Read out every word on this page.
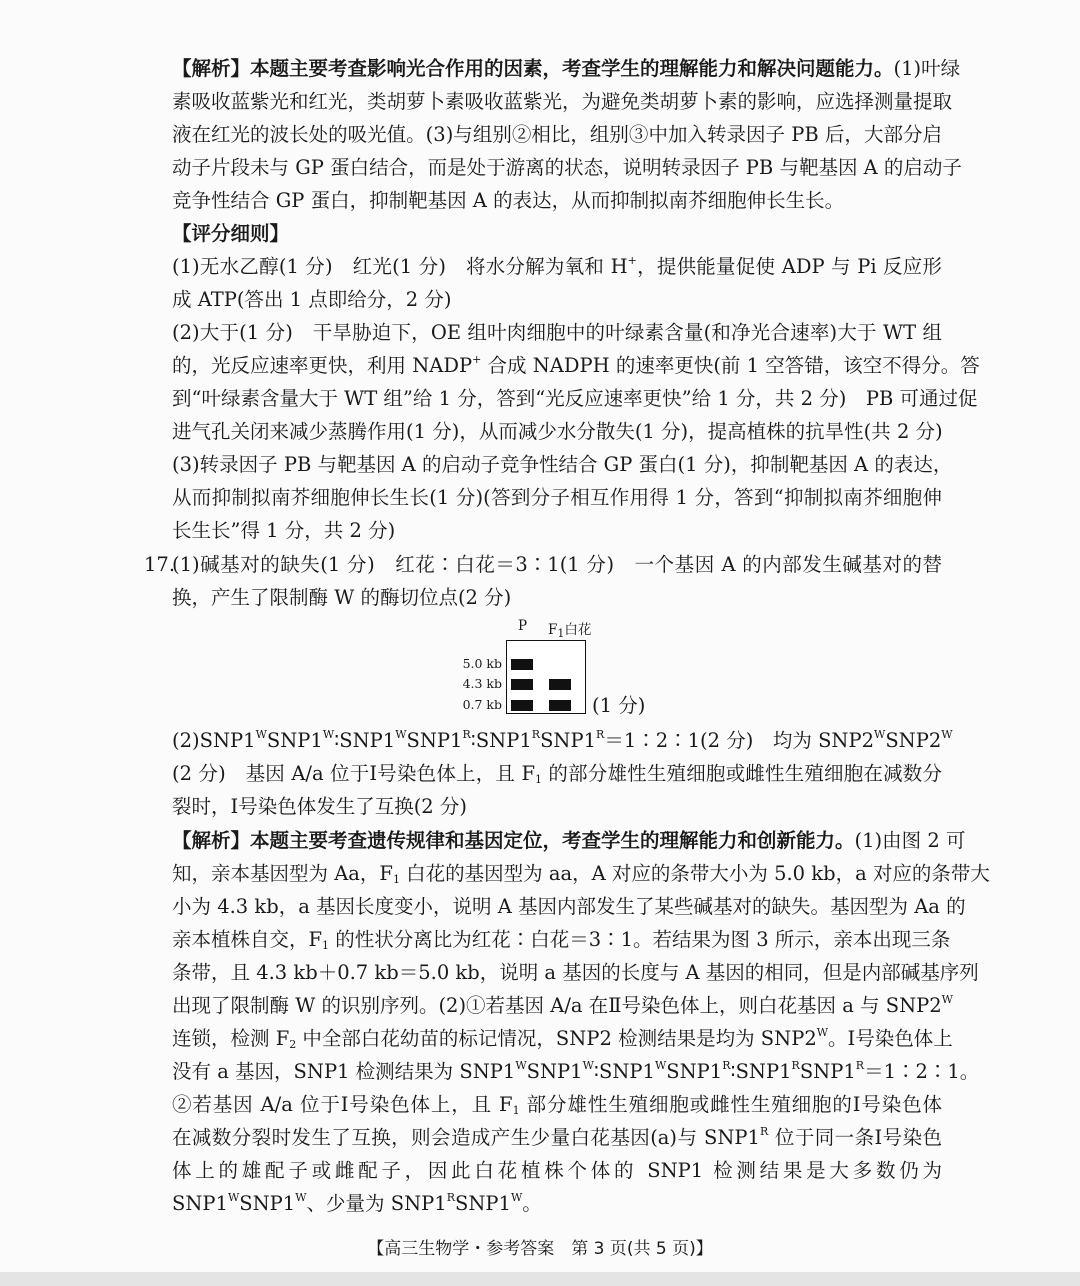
【解析】本题主要考查影响光合作用的因素，考查学生的理解能力和解决问题能力。(1)叶绿
素吸收蓝紫光和红光，类胡萝卜素吸收蓝紫光，为避免类胡萝卜素的影响，应选择测量提取
液在红光的波长处的吸光值。(3)与组别②相比，组别③中加入转录因子 PB 后，大部分启
动子片段未与 GP 蛋白结合，而是处于游离的状态，说明转录因子 PB 与靶基因 A 的启动子
竞争性结合 GP 蛋白，抑制靶基因 A 的表达，从而抑制拟南芥细胞伸长生长。
【评分细则】
(1)无水乙醇(1 分)　红光(1 分)　将水分解为氧和 H+，提供能量促使 ADP 与 Pi 反应形
成 ATP(答出 1 点即给分，2 分)
(2)大于(1 分)　干旱胁迫下，OE 组叶肉细胞中的叶绿素含量(和净光合速率)大于 WT 组
的，光反应速率更快，利用 NADP+ 合成 NADPH 的速率更快(前 1 空答错，该空不得分。答
到“叶绿素含量大于 WT 组”给 1 分，答到“光反应速率更快”给 1 分，共 2 分)　PB 可通过促
进气孔关闭来减少蒸腾作用(1 分)，从而减少水分散失(1 分)，提高植株的抗旱性(共 2 分)
(3)转录因子 PB 与靶基因 A 的启动子竞争性结合 GP 蛋白(1 分)，抑制靶基因 A 的表达，
从而抑制拟南芥细胞伸长生长(1 分)(答到分子相互作用得 1 分，答到“抑制拟南芥细胞伸
长生长”得 1 分，共 2 分)
17.
(1)碱基对的缺失(1 分)　红花∶白花＝3∶1(1 分)　一个基因 A 的内部发生碱基对的替
换，产生了限制酶 W 的酶切位点(2 分)
P $F_1$白花
5.0 kb
4.3 kb
0.7 kb	(1 分)
$(2)SNP1^WSNP1^W∶SNP1^WSNP1^R∶SNP1^RSNP1^R=1∶2∶1(2$ 分)　均为 $SNP2^WSNP2^W$
(2 分)　基因 A/a 位于Ⅰ号染色体上，且 $F_1$ 的部分雄性生殖细胞或雌性生殖细胞在减数分
裂时，Ⅰ号染色体发生了互换(2 分)
【解析】本题主要考查遗传规律和基因定位，考查学生的理解能力和创新能力。(1)由图 2 可
知，亲本基因型为 Aa，$F_1$ 白花的基因型为 aa，A 对应的条带大小为 5.0 kb，a 对应的条带大
小为 4.3 kb，a 基因长度变小，说明 A 基因内部发生了某些碱基对的缺失。基因型为 Aa 的
亲本植株自交，$F_1$ 的性状分离比为红花∶白花＝3∶1。若结果为图 3 所示，亲本出现三条
条带，且 4.3 kb＋0.7 kb＝5.0 kb，说明 a 基因的长度与 A 基因的相同，但是内部碱基序列
出现了限制酶 W 的识别序列。(2)①若基因 A/a 在Ⅱ号染色体上，则白花基因 a 与 $SNP2^W$
连锁，检测 $F_2$ 中全部白花幼苗的标记情况，SNP2 检测结果是均为 $SNP2^W$。Ⅰ号染色体上
没有 a 基因，SNP1 检测结果为 $SNP1^WSNP1^W∶SNP1^WSNP1^R∶SNP1^RSNP1^R=1∶2∶1$。
②若基因 A/a 位于Ⅰ号染色体上，且 $F_1$ 部分雄性生殖细胞或雌性生殖细胞的Ⅰ号染色体
在减数分裂时发生了互换，则会造成产生少量白花基因(a)与 $SNP1^R$ 位于同一条Ⅰ号染色
体上的雄配子或雌配子，因此白花植株个体的 SNP1 检测结果是大多数仍为
$SNP1^WSNP1^W$、少量为 $SNP1^RSNP1^W$。
【高三生物学・参考答案　第 3 页(共 5 页)】
